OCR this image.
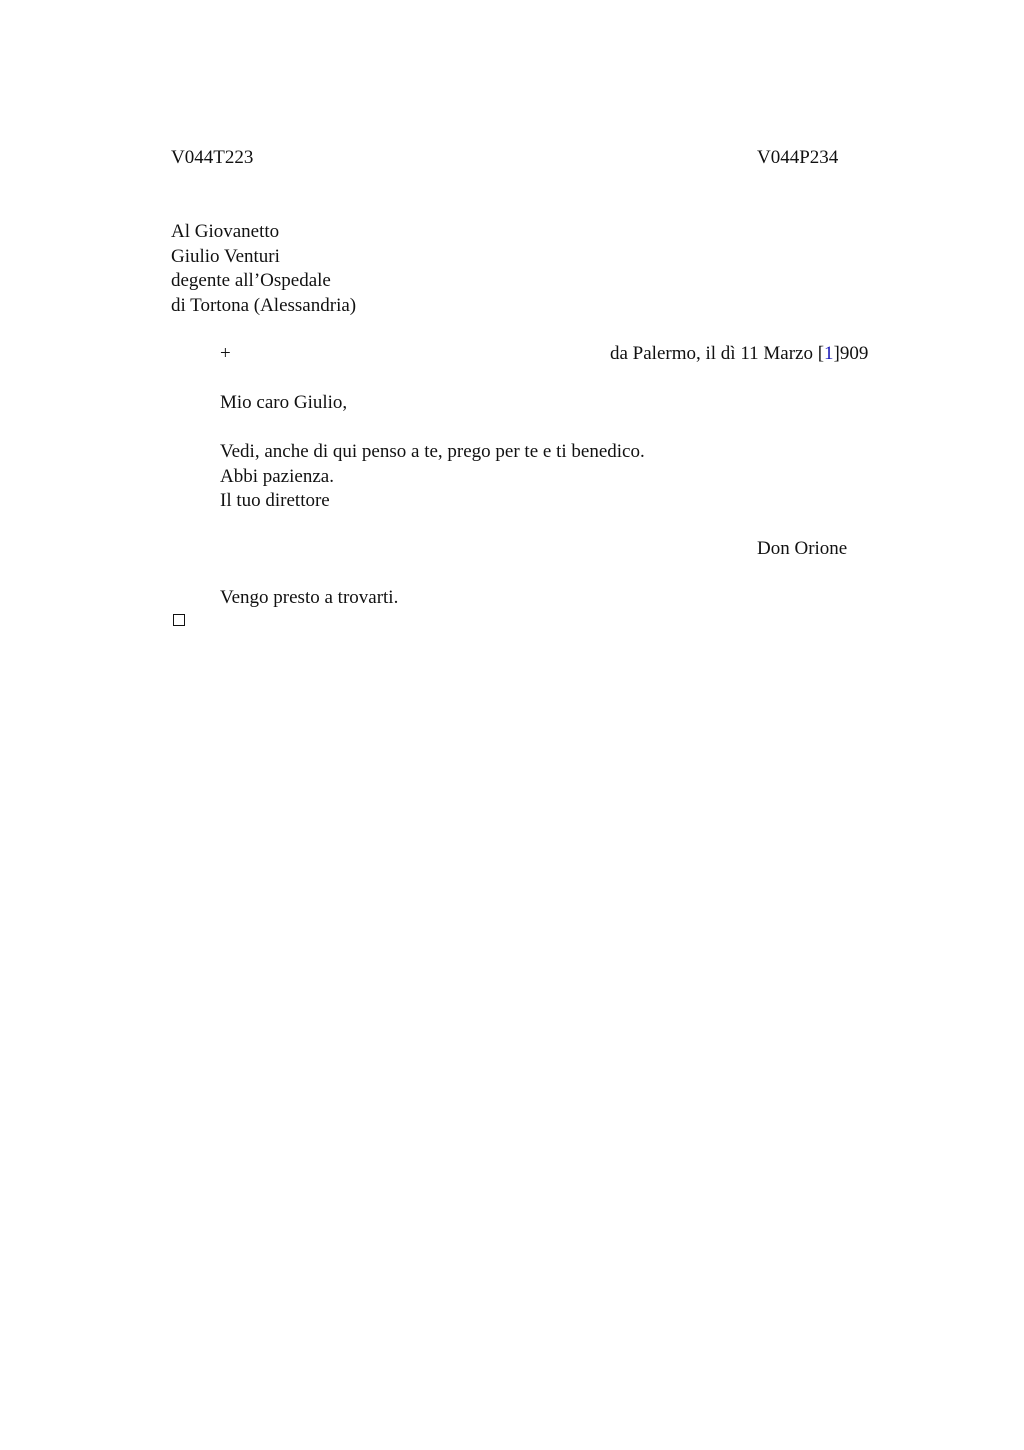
V044T223	V044P234
Al Giovanetto
Giulio Venturi
degente all’Ospedale
di Tortona (Alessandria)
+	da Palermo, il dì 11 Marzo [1]909
Mio caro Giulio,
Vedi, anche di qui penso a te, prego per te e ti benedico.
Abbi pazienza.
Il tuo direttore
Don Orione
Vengo presto a trovarti.
